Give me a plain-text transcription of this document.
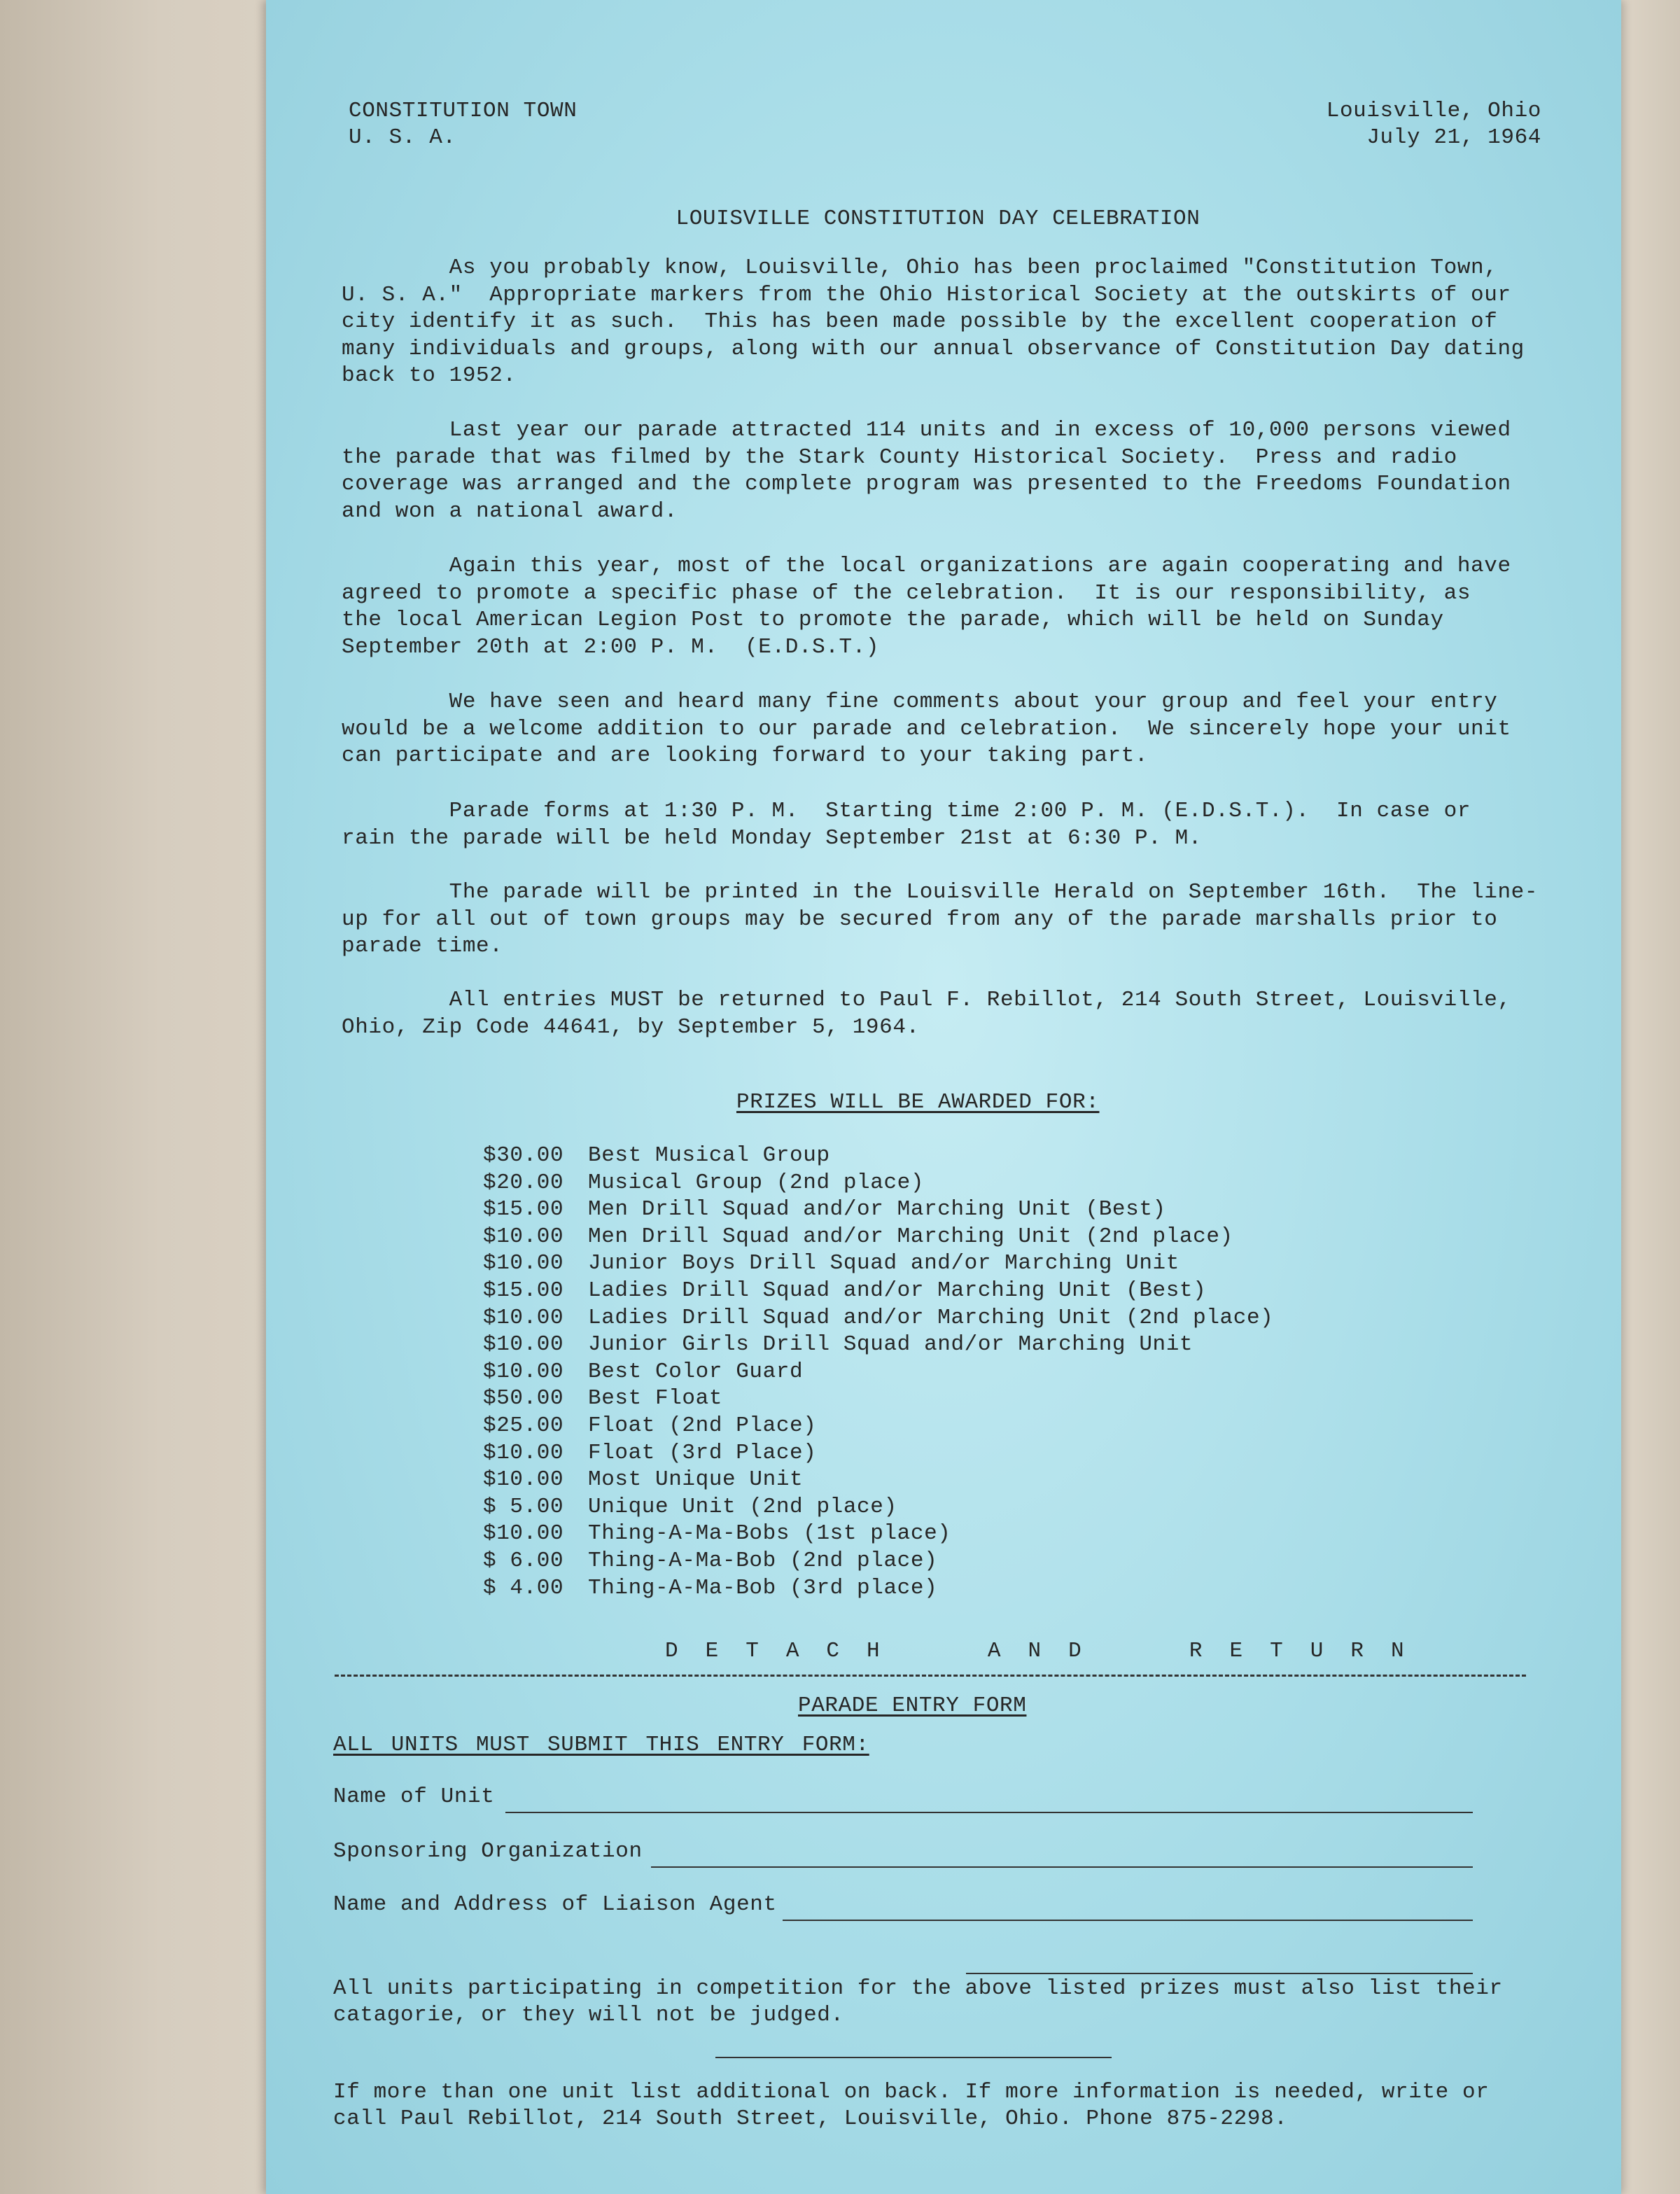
CONSTITUTION TOWN
U. S. A.
Louisville, Ohio
July 21, 1964
LOUISVILLE CONSTITUTION DAY CELEBRATION
As you probably know, Louisville, Ohio has been proclaimed "Constitution Town,
U. S. A."  Appropriate markers from the Ohio Historical Society at the outskirts of our
city identify it as such.  This has been made possible by the excellent cooperation of
many individuals and groups, along with our annual observance of Constitution Day dating
back to 1952.
Last year our parade attracted 114 units and in excess of 10,000 persons viewed
the parade that was filmed by the Stark County Historical Society.  Press and radio
coverage was arranged and the complete program was presented to the Freedoms Foundation
and won a national award.
Again this year, most of the local organizations are again cooperating and have
agreed to promote a specific phase of the celebration.  It is our responsibility, as
the local American Legion Post to promote the parade, which will be held on Sunday
September 20th at 2:00 P. M.  (E.D.S.T.)
We have seen and heard many fine comments about your group and feel your entry
would be a welcome addition to our parade and celebration.  We sincerely hope your unit
can participate and are looking forward to your taking part.
Parade forms at 1:30 P. M.  Starting time 2:00 P. M. (E.D.S.T.).  In case or
rain the parade will be held Monday September 21st at 6:30 P. M.
The parade will be printed in the Louisville Herald on September 16th.  The line-
up for all out of town groups may be secured from any of the parade marshalls prior to
parade time.
All entries MUST be returned to Paul F. Rebillot, 214 South Street, Louisville,
Ohio, Zip Code 44641, by September 5, 1964.
PRIZES WILL BE AWARDED FOR:
$30.00	Best Musical Group
$20.00	Musical Group (2nd place)
$15.00	Men Drill Squad and/or Marching Unit (Best)
$10.00	Men Drill Squad and/or Marching Unit (2nd place)
$10.00	Junior Boys Drill Squad and/or Marching Unit
$15.00	Ladies Drill Squad and/or Marching Unit (Best)
$10.00	Ladies Drill Squad and/or Marching Unit (2nd place)
$10.00	Junior Girls Drill Squad and/or Marching Unit
$10.00	Best Color Guard
$50.00	Best Float
$25.00	Float (2nd Place)
$10.00	Float (3rd Place)
$10.00	Most Unique Unit
$ 5.00	Unique Unit (2nd place)
$10.00	Thing-A-Ma-Bobs (1st place)
$ 6.00	Thing-A-Ma-Bob (2nd place)
$ 4.00	Thing-A-Ma-Bob (3rd place)
D  E  T  A  C  H        A  N  D        R  E  T  U  R  N
PARADE ENTRY FORM
ALL UNITS MUST SUBMIT THIS ENTRY FORM:
Name of Unit
Sponsoring Organization
Name and Address of Liaison Agent
All units participating in competition for the above listed prizes must also list their
catagorie, or they will not be judged.
If more than one unit list additional on back. If more information is needed, write or
call Paul Rebillot, 214 South Street, Louisville, Ohio. Phone 875-2298.
